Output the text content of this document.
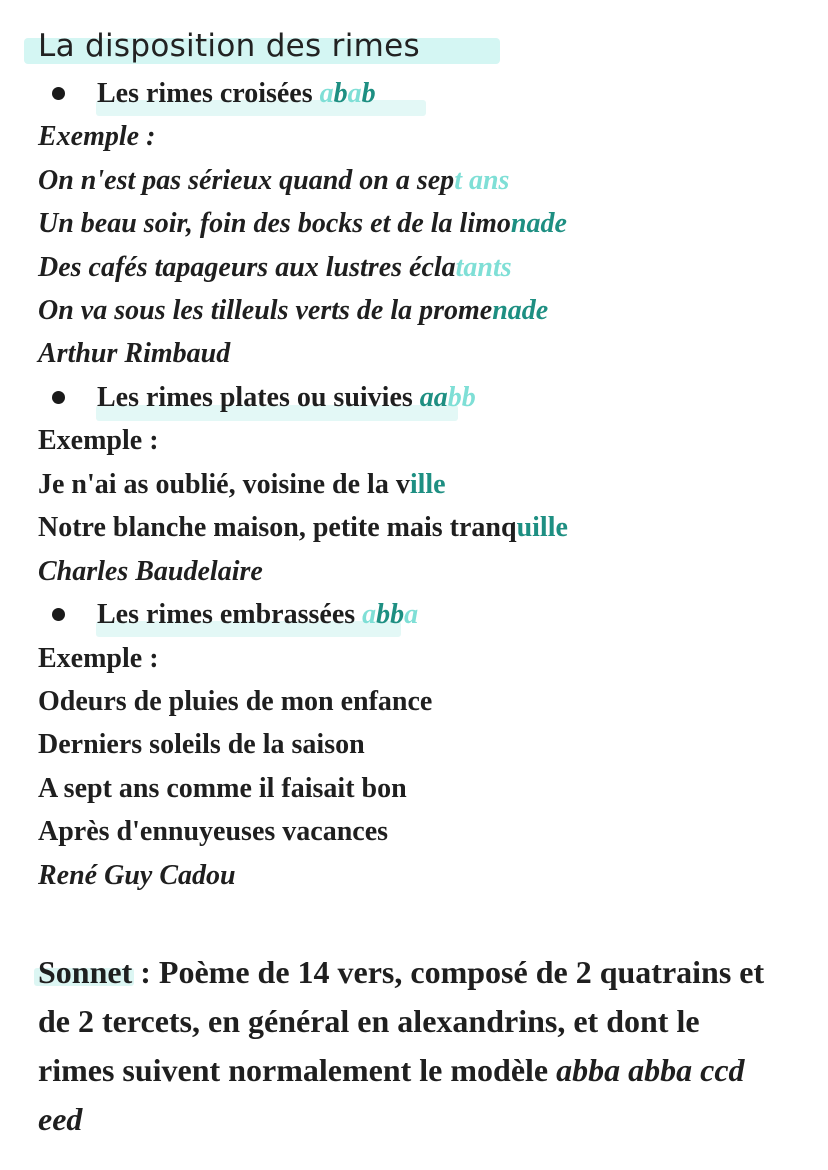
La disposition des rimes
Les rimes croisées abab
Exemple :
On n'est pas sérieux quand on a sept ans
Un beau soir, foin des bocks et de la limonade
Des cafés tapageurs aux lustres éclatants
On va sous les tilleuls verts de la promenade
Arthur Rimbaud
Les rimes plates ou suivies aabb
Exemple :
Je n'ai as oublié, voisine de la ville
Notre blanche maison, petite mais tranquille
Charles Baudelaire
Les rimes embrassées abba
Exemple :
Odeurs de pluies de mon enfance
Derniers soleils de la saison
A sept ans comme il faisait bon
Après d'ennuyeuses vacances
René Guy Cadou
Sonnet : Poème de 14 vers, composé de 2 quatrains et de 2 tercets, en général en alexandrins, et dont le rimes suivent normalement le modèle abba abba ccd eed
